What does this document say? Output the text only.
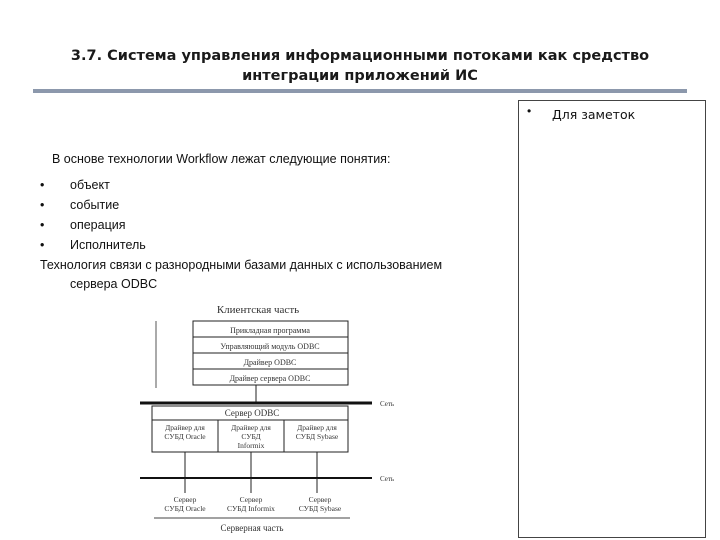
3.7. Система управления информационными потоками как средство
интеграции приложений ИС
• Для заметок
В основе технологии Workflow лежат следующие понятия:
• объект
• событие
• операция
• Исполнитель
Технология связи с разнородными базами данных с использованием
сервера ODBC
Клиентская часть
Прикладная программа
Управляющий модуль ODBC
Драйвер ODBC
Драйвер сервера ODBC
Сеть
Сервер ODBC
Драйвер для
СУБД Oracle
Драйвер для
СУБД
Informix
Драйвер для
СУБД Sybase
Сеть
Сервер
СУБД Oracle
Сервер
СУБД Informix
Сервер
СУБД Sybase
Серверная часть
